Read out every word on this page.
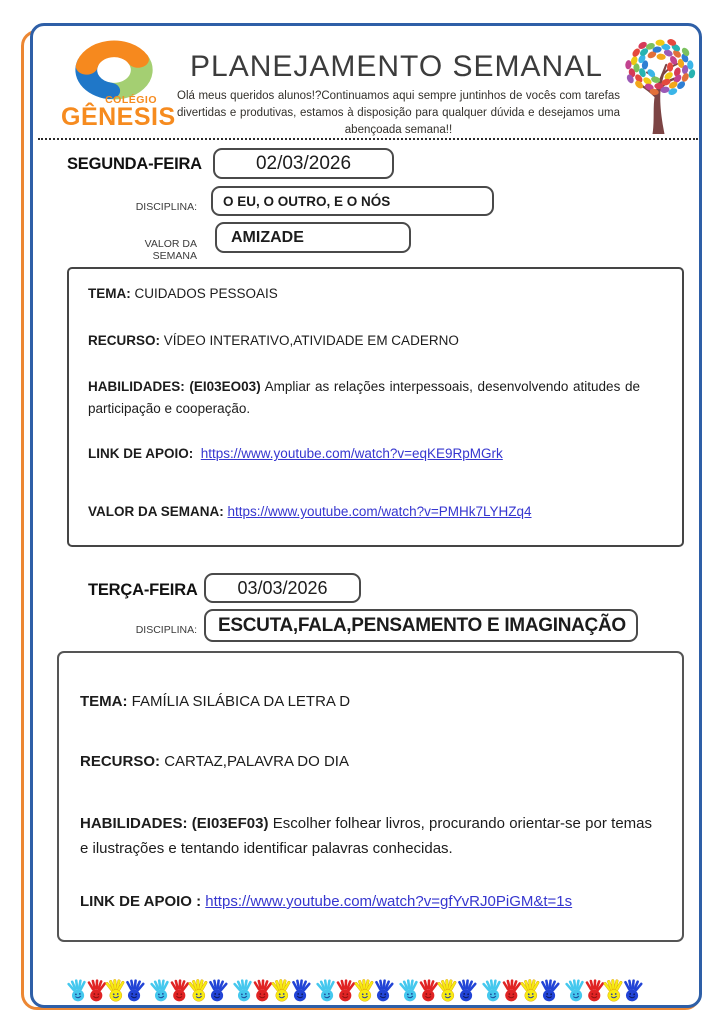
COLÉGIO
GÊNESIS
PLANEJAMENTO SEMANAL
Olá meus queridos alunos!?Continuamos aqui sempre juntinhos de vocês com tarefas divertidas e produtivas, estamos à disposição para qualquer dúvida e desejamos uma abençoada semana!!
SEGUNDA-FEIRA	02/03/2026
DISCIPLINA: O EU, O OUTRO, E O NÓS
VALOR DA SEMANA
AMIZADE

TEMA: CUIDADOS PESSOAIS

RECURSO: VÍDEO INTERATIVO,ATIVIDADE EM CADERNO

HABILIDADES: (EI03EO03) Ampliar as relações interpessoais, desenvolvendo atitudes de participação e cooperação.

LINK DE APOIO: https://www.youtube.com/watch?v=eqKE9RpMGrk

VALOR DA SEMANA: https://www.youtube.com/watch?v=PMHk7LYHZq4

TERÇA-FEIRA 03/03/2026
DISCIPLINA: ESCUTA,FALA,PENSAMENTO E IMAGINAÇÃO

TEMA: FAMÍLIA SILÁBICA DA LETRA D

RECURSO: CARTAZ,PALAVRA DO DIA

HABILIDADES: (EI03EF03) Escolher folhear livros, procurando orientar-se por temas e ilustrações e tentando identificar palavras conhecidas.

LINK DE APOIO : https://www.youtube.com/watch?v=gfYvRJ0PiGM&t=1s
